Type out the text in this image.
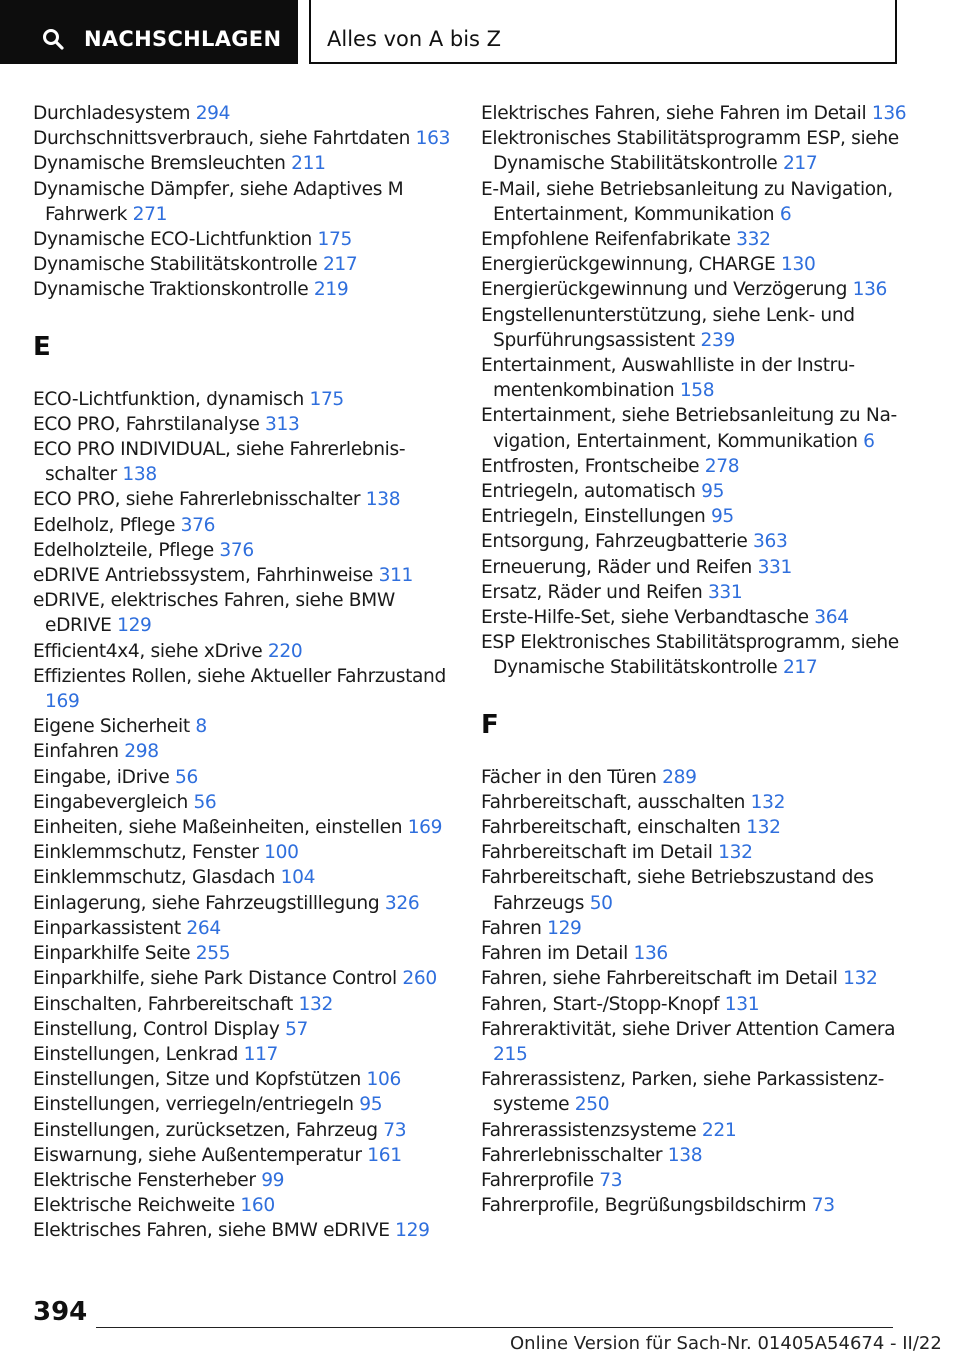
NACHSCHLAGEN Alles von A bis Z

Durchladesystem 294

Durchschnittsverbrauch, siehe Fahrtdaten 163

Dynamische Bremsleuchten 211

Dynamische Dämpfer, siehe Adaptives M Fahrwerk 271

Dynamische ECO-Lichtfunktion 175

Dynamische Stabilitätskontrolle 217

Dynamische Traktionskontrolle 219

E

ECO-Lichtfunktion, dynamisch 175

ECO PRO, Fahrstilanalyse 313

ECO PRO INDIVIDUAL, siehe Fahrerlebnisschalter 138

ECO PRO, siehe Fahrerlebnisschalter 138

Edelholz, Pflege 376

Edelholzteile, Pflege 376

eDRIVE Antriebssystem, Fahrhinweise 311

eDRIVE, elektrisches Fahren, siehe BMW eDRIVE 129

Efficient4x4, siehe xDrive 220

Effizientes Rollen, siehe Aktueller Fahrzustand 169

Eigene Sicherheit 8

Einfahren 298

Eingabe, iDrive 56

Eingabevergleich 56

Einheiten, siehe Maßeinheiten, einstellen 169

Einklemmschutz, Fenster 100

Einklemmschutz, Glasdach 104

Einlagerung, siehe Fahrzeugstilllegung 326

Einparkassistent 264

Einparkhilfe Seite 255

Einparkhilfe, siehe Park Distance Control 260

Einschalten, Fahrbereitschaft 132

Einstellung, Control Display 57

Einstellungen, Lenkrad 117

Einstellungen, Sitze und Kopfstützen 106

Einstellungen, verriegeln/entriegeln 95

Einstellungen, zurücksetzen, Fahrzeug 73

Eiswarnung, siehe Außentemperatur 161

Elektrische Fensterheber 99

Elektrische Reichweite 160

Elektrisches Fahren, siehe BMW eDRIVE 129

Elektrisches Fahren, siehe Fahren im Detail 136

Elektronisches Stabilitätsprogramm ESP, siehe Dynamische Stabilitätskontrolle 217

E-Mail, siehe Betriebsanleitung zu Navigation, Entertainment, Kommunikation 6

Empfohlene Reifenfabrikate 332

Energierückgewinnung, CHARGE 130

Energierückgewinnung und Verzögerung 136

Engstellenunterstützung, siehe Lenk- und Spurführungsassistent 239

Entertainment, Auswahlliste in der Instrumentenkombination 158

Entertainment, siehe Betriebsanleitung zu Navigation, Entertainment, Kommunikation 6

Entfrosten, Frontscheibe 278

Entriegeln, automatisch 95

Entriegeln, Einstellungen 95

Entsorgung, Fahrzeugbatterie 363

Erneuerung, Räder und Reifen 331

Ersatz, Räder und Reifen 331

Erste-Hilfe-Set, siehe Verbandtasche 364

ESP Elektronisches Stabilitätsprogramm, siehe Dynamische Stabilitätskontrolle 217

F

Fächer in den Türen 289

Fahrbereitschaft, ausschalten 132

Fahrbereitschaft, einschalten 132

Fahrbereitschaft im Detail 132

Fahrbereitschaft, siehe Betriebszustand des Fahrzeugs 50

Fahren 129

Fahren im Detail 136

Fahren, siehe Fahrbereitschaft im Detail 132

Fahren, Start-/Stopp-Knopf 131

Fahreraktivität, siehe Driver Attention Camera 215

Fahrerassistenz, Parken, siehe Parkassistenzsysteme 250

Fahrerassistenzsysteme 221

Fahrerlebnisschalter 138

Fahrerprofile 73

Fahrerprofile, Begrüßungsbildschirm 73

394
Online Version für Sach-Nr. 01405A54674 - II/22
